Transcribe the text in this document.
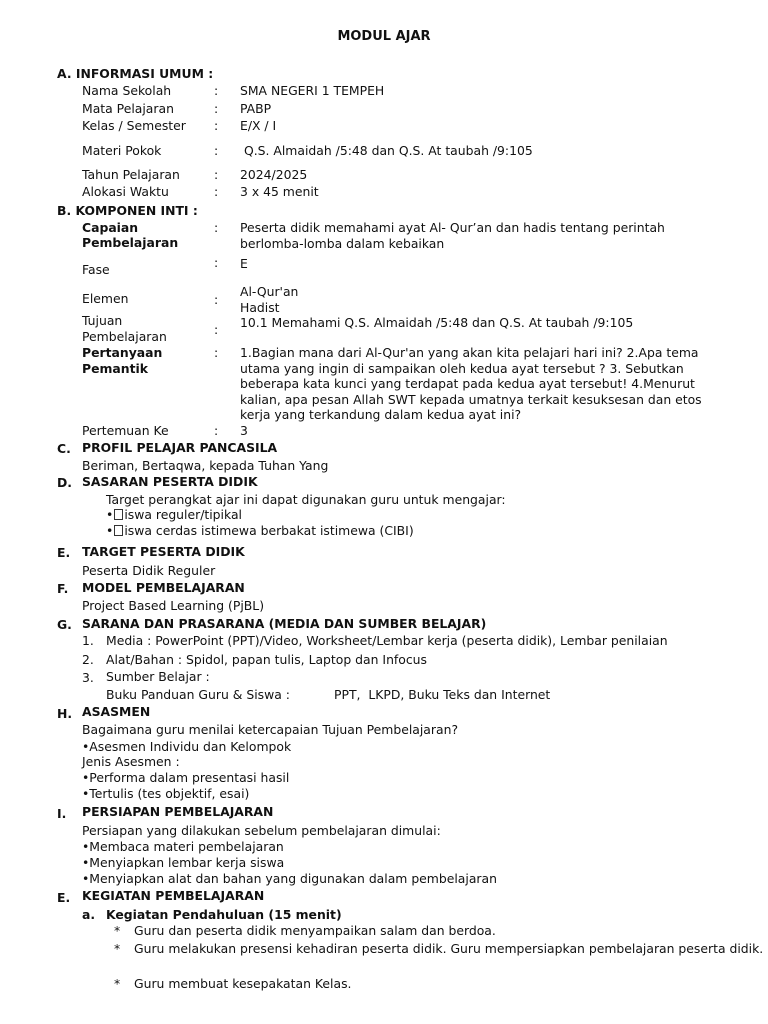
MODUL AJAR
A. INFORMASI UMUM :
Nama Sekolah	: SMA NEGERI 1 TEMPEH
Mata Pelajaran	: PABP
Kelas / Semester : E/X / I
Materi Pokok	: Q.S. Almaidah /5:48 dan Q.S. At taubah /9:105
Tahun Pelajaran	: 2024/2025
Alokasi Waktu	: 3 x 45 menit
B. KOMPONEN INTI :
Capaian
Pembelajaran
: Peserta didik memahami ayat Al- Qur’an dan hadis tentang perintah berlomba-lomba dalam kebaikan
Fase	: E
Elemen	:
Al-Qur'an
Hadist
Tujuan
Pembelajaran	: 10.1 Memahami Q.S. Almaidah /5:48 dan Q.S. At taubah /9:105
Pertanyaan
Pemantik
: 1.Bagian mana dari Al-Qur'an yang akan kita pelajari hari ini? 2.Apa tema utama yang ingin di sampaikan oleh kedua ayat tersebut ? 3. Sebutkan beberapa kata kunci yang terdapat pada kedua ayat tersebut! 4.Menurut kalian, apa pesan Allah SWT kepada umatnya terkait kesuksesan dan etos kerja yang terkandung dalam kedua ayat ini?
Pertemuan Ke	: 3
C. PROFIL PELAJAR PANCASILA
Beriman, Bertaqwa, kepada Tuhan Yang
D. SASARAN PESERTA DIDIK
Target perangkat ajar ini dapat digunakan guru untuk mengajar:
• iswa reguler/tipikal
• iswa cerdas istimewa berbakat istimewa (CIBI)
E. TARGET PESERTA DIDIK
Peserta Didik Reguler
F. MODEL PEMBELAJARAN
Project Based Learning (PjBL)
G. SARANA DAN PRASARANA (MEDIA DAN SUMBER BELAJAR)
1. Media : PowerPoint (PPT)/Video, Worksheet/Lembar kerja (peserta didik), Lembar penilaian
2. Alat/Bahan : Spidol, papan tulis, Laptop dan Infocus
3. Sumber Belajar :
Buku Panduan Guru & Siswa :	PPT,  LKPD, Buku Teks dan Internet
H. ASASMEN
Bagaimana guru menilai ketercapaian Tujuan Pembelajaran?
•Asesmen Individu dan Kelompok
Jenis Asesmen :
•Performa dalam presentasi hasil
•Tertulis (tes objektif, esai)
I. PERSIAPAN PEMBELAJARAN
Persiapan yang dilakukan sebelum pembelajaran dimulai:
•Membaca materi pembelajaran
•Menyiapkan lembar kerja siswa
•Menyiapkan alat dan bahan yang digunakan dalam pembelajaran
E. KEGIATAN PEMBELAJARAN
a. Kegiatan Pendahuluan (15 menit)
* Guru dan peserta didik menyampaikan salam dan berdoa.
* Guru melakukan presensi kehadiran peserta didik. Guru mempersiapkan pembelajaran peserta didik.
* Guru membuat kesepakatan Kelas.
